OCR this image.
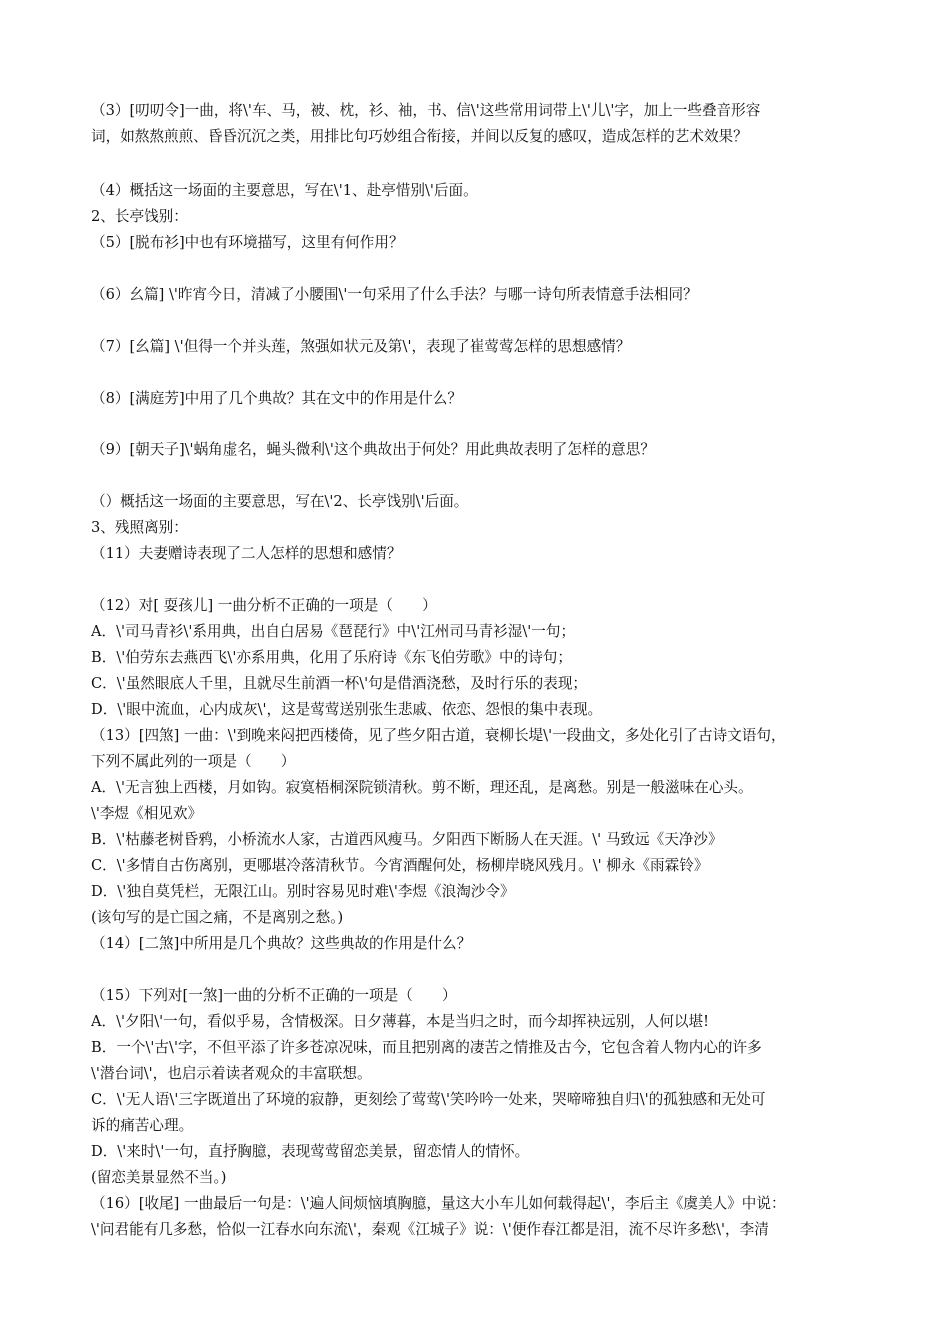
（3）[叨叨令]一曲，将\'车、马，被、枕，衫、袖，书、信\'这些常用词带上\'儿\'字，加上一些叠音形容
词，如熬熬煎煎、昏昏沉沉之类，用排比句巧妙组合衔接，并间以反复的感叹，造成怎样的艺术效果？
（4）概括这一场面的主要意思，写在\'1、赴亭惜别\'后面。
2、长亭饯别：
（5）[脱布衫]中也有环境描写，这里有何作用？
（6）幺篇] \'昨宵今日，清减了小腰围\'一句采用了什么手法？与哪一诗句所表情意手法相同？
（7）[幺篇] \'但得一个并头莲，煞强如状元及第\'，表现了崔莺莺怎样的思想感情？
（8）[满庭芳]中用了几个典故？其在文中的作用是什么？
（9）[朝天子]\'蜗角虚名，蝇头微利\'这个典故出于何处？用此典故表明了怎样的意思？
（）概括这一场面的主要意思，写在\'2、长亭饯别\'后面。
3、残照离别：
（11）夫妻赠诗表现了二人怎样的思想和感情？
（12）对[ 耍孩儿] 一曲分析不正确的一项是（　　）
A．\'司马青衫\'系用典，出自白居易《琶琵行》中\'江州司马青衫湿\'一句；
B．\'伯劳东去燕西飞\'亦系用典，化用了乐府诗《东飞伯劳歌》中的诗句；
C．\'虽然眼底人千里，且就尽生前酒一杯\'句是借酒浇愁，及时行乐的表现；
D．\'眼中流血，心内成灰\'，这是莺莺送别张生悲戚、依恋、怨恨的集中表现。
（13）[四煞] 一曲：\'到晚来闷把西楼倚，见了些夕阳古道，衰柳长堤\'一段曲文，多处化引了古诗文语句，
下列不属此列的一项是（　　）
A．\'无言独上西楼，月如钩。寂寞梧桐深院锁清秋。剪不断，理还乱，是离愁。别是一般滋味在心头。
\'李煜《相见欢》
B．\'枯藤老树昏鸦，小桥流水人家，古道西风瘦马。夕阳西下断肠人在天涯。\' 马致远《天净沙》
C．\'多情自古伤离别，更哪堪冷落清秋节。今宵酒醒何处，杨柳岸晓风残月。\' 柳永《雨霖铃》
D．\'独自莫凭栏，无限江山。别时容易见时难\'李煜《浪淘沙令》
(该句写的是亡国之痛，不是离别之愁。)
（14）[二煞]中所用是几个典故？这些典故的作用是什么？
（15）下列对[一煞]一曲的分析不正确的一项是（　　）
A．\'夕阳\'一句，看似乎易，含情极深。日夕薄暮，本是当归之时，而今却挥袂远别，人何以堪!
B．一个\'古\'字，不但平添了许多苍凉况味，而且把别离的凄苦之情推及古今，它包含着人物内心的许多
\'潜台词\'，也启示着读者观众的丰富联想。
C．\'无人语\'三字既道出了环境的寂静，更刻绘了莺莺\'笑吟吟一处来，哭啼啼独自归\'的孤独感和无处可
诉的痛苦心理。
D．\'来时\'一句，直抒胸臆，表现莺莺留恋美景，留恋情人的情怀。
(留恋美景显然不当。)
（16）[收尾] 一曲最后一句是：\'遍人间烦恼填胸臆，量这大小车儿如何载得起\'，李后主《虞美人》中说：
\'问君能有几多愁，恰似一江春水向东流\'，秦观《江城子》说：\'便作春江都是泪，流不尽许多愁\'，李清
